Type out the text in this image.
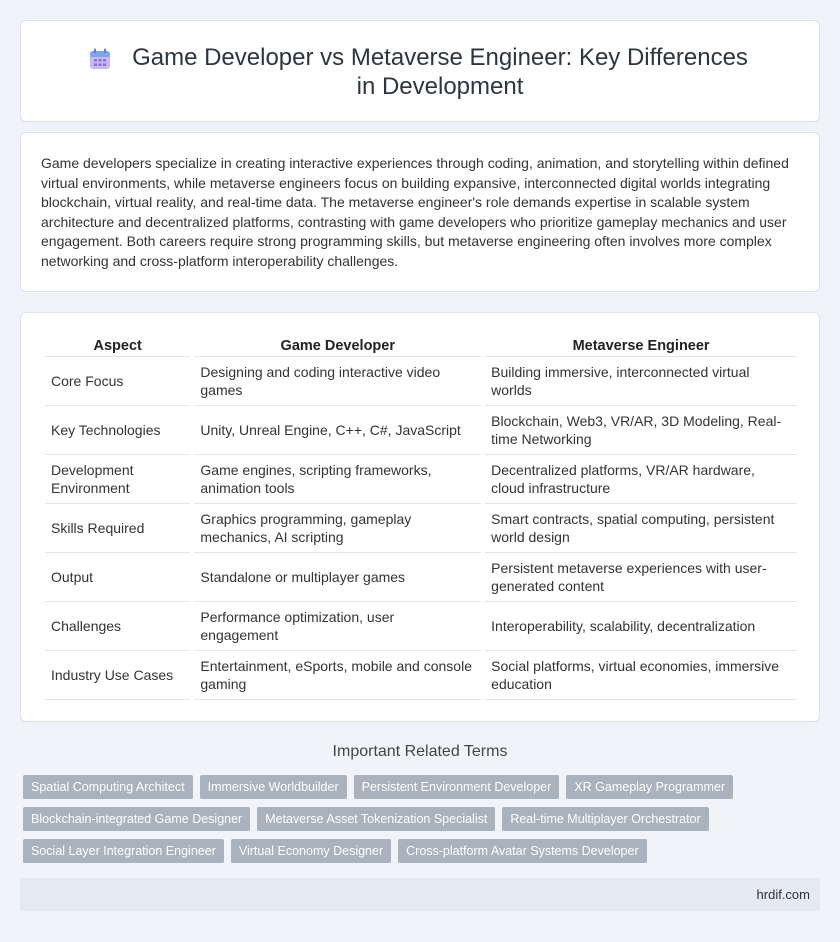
Game Developer vs Metaverse Engineer: Key Differences in Development

Game developers specialize in creating interactive experiences through coding, animation, and storytelling within defined virtual environments, while metaverse engineers focus on building expansive, interconnected digital worlds integrating blockchain, virtual reality, and real-time data. The metaverse engineer's role demands expertise in scalable system architecture and decentralized platforms, contrasting with game developers who prioritize gameplay mechanics and user engagement. Both careers require strong programming skills, but metaverse engineering often involves more complex networking and cross-platform interoperability challenges.

Aspect	Game Developer	Metaverse Engineer
Core Focus	Designing and coding interactive video games	Building immersive, interconnected virtual worlds
Key Technologies	Unity, Unreal Engine, C++, C#, JavaScript	Blockchain, Web3, VR/AR, 3D Modeling, Real-time Networking
Development Environment	Game engines, scripting frameworks, animation tools	Decentralized platforms, VR/AR hardware, cloud infrastructure
Skills Required	Graphics programming, gameplay mechanics, AI scripting	Smart contracts, spatial computing, persistent world design
Output	Standalone or multiplayer games	Persistent metaverse experiences with user-generated content
Challenges	Performance optimization, user engagement	Interoperability, scalability, decentralization
Industry Use Cases	Entertainment, eSports, mobile and console gaming	Social platforms, virtual economies, immersive education
Important Related Terms
Spatial Computing Architect	Immersive Worldbuilder	Persistent Environment Developer	XR Gameplay Programmer
Blockchain-integrated Game Designer	Metaverse Asset Tokenization Specialist	Real-time Multiplayer Orchestrator
Social Layer Integration Engineer	Virtual Economy Designer	Cross-platform Avatar Systems Developer
hrdif.com
